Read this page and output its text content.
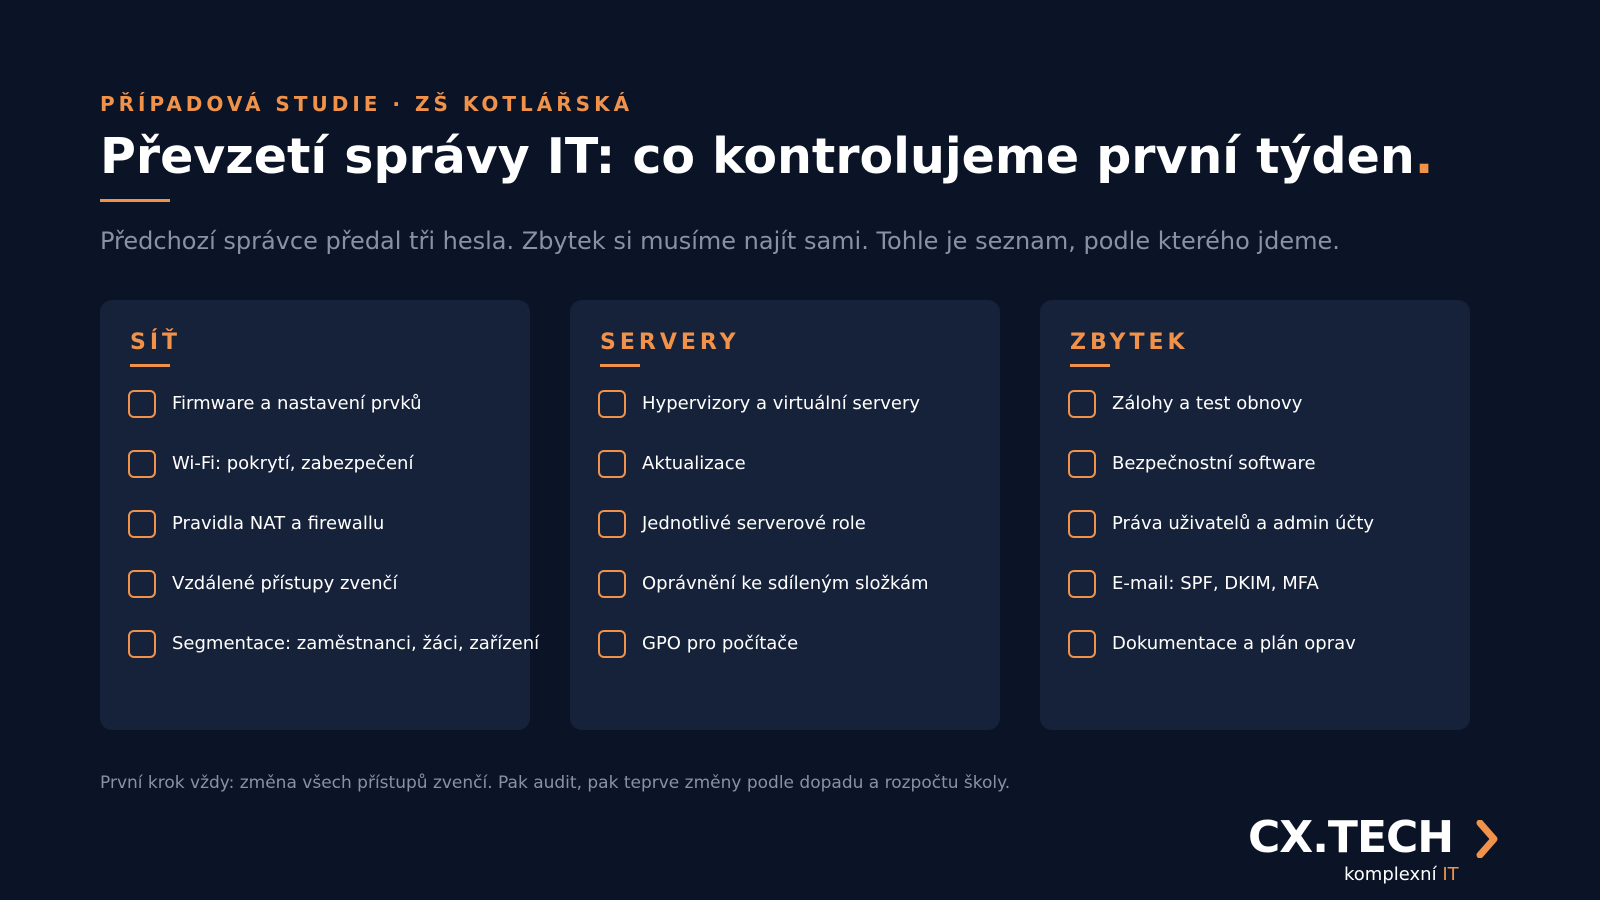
PŘÍPADOVÁ STUDIE · ZŠ KOTLÁŘSKÁ
Převzetí správy IT: co kontrolujeme první týden.

Předchozí správce předal tři hesla. Zbytek si musíme najít sami. Tohle je seznam, podle kterého jdeme.

SÍŤ
Firmware a nastavení prvků
Wi-Fi: pokrytí, zabezpečení
Pravidla NAT a firewallu
Vzdálené přístupy zvenčí
Segmentace: zaměstnanci, žáci, zařízení
SERVERY
Hypervizory a virtuální servery
Aktualizace
Jednotlivé serverové role
Oprávnění ke sdíleným složkám
GPO pro počítače
ZBYTEK
Zálohy a test obnovy
Bezpečnostní software
Práva uživatelů a admin účty
E-mail: SPF, DKIM, MFA
Dokumentace a plán oprav

První krok vždy: změna všech přístupů zvenčí. Pak audit, pak teprve změny podle dopadu a rozpočtu školy.

CX.TECH
komplexní IT
